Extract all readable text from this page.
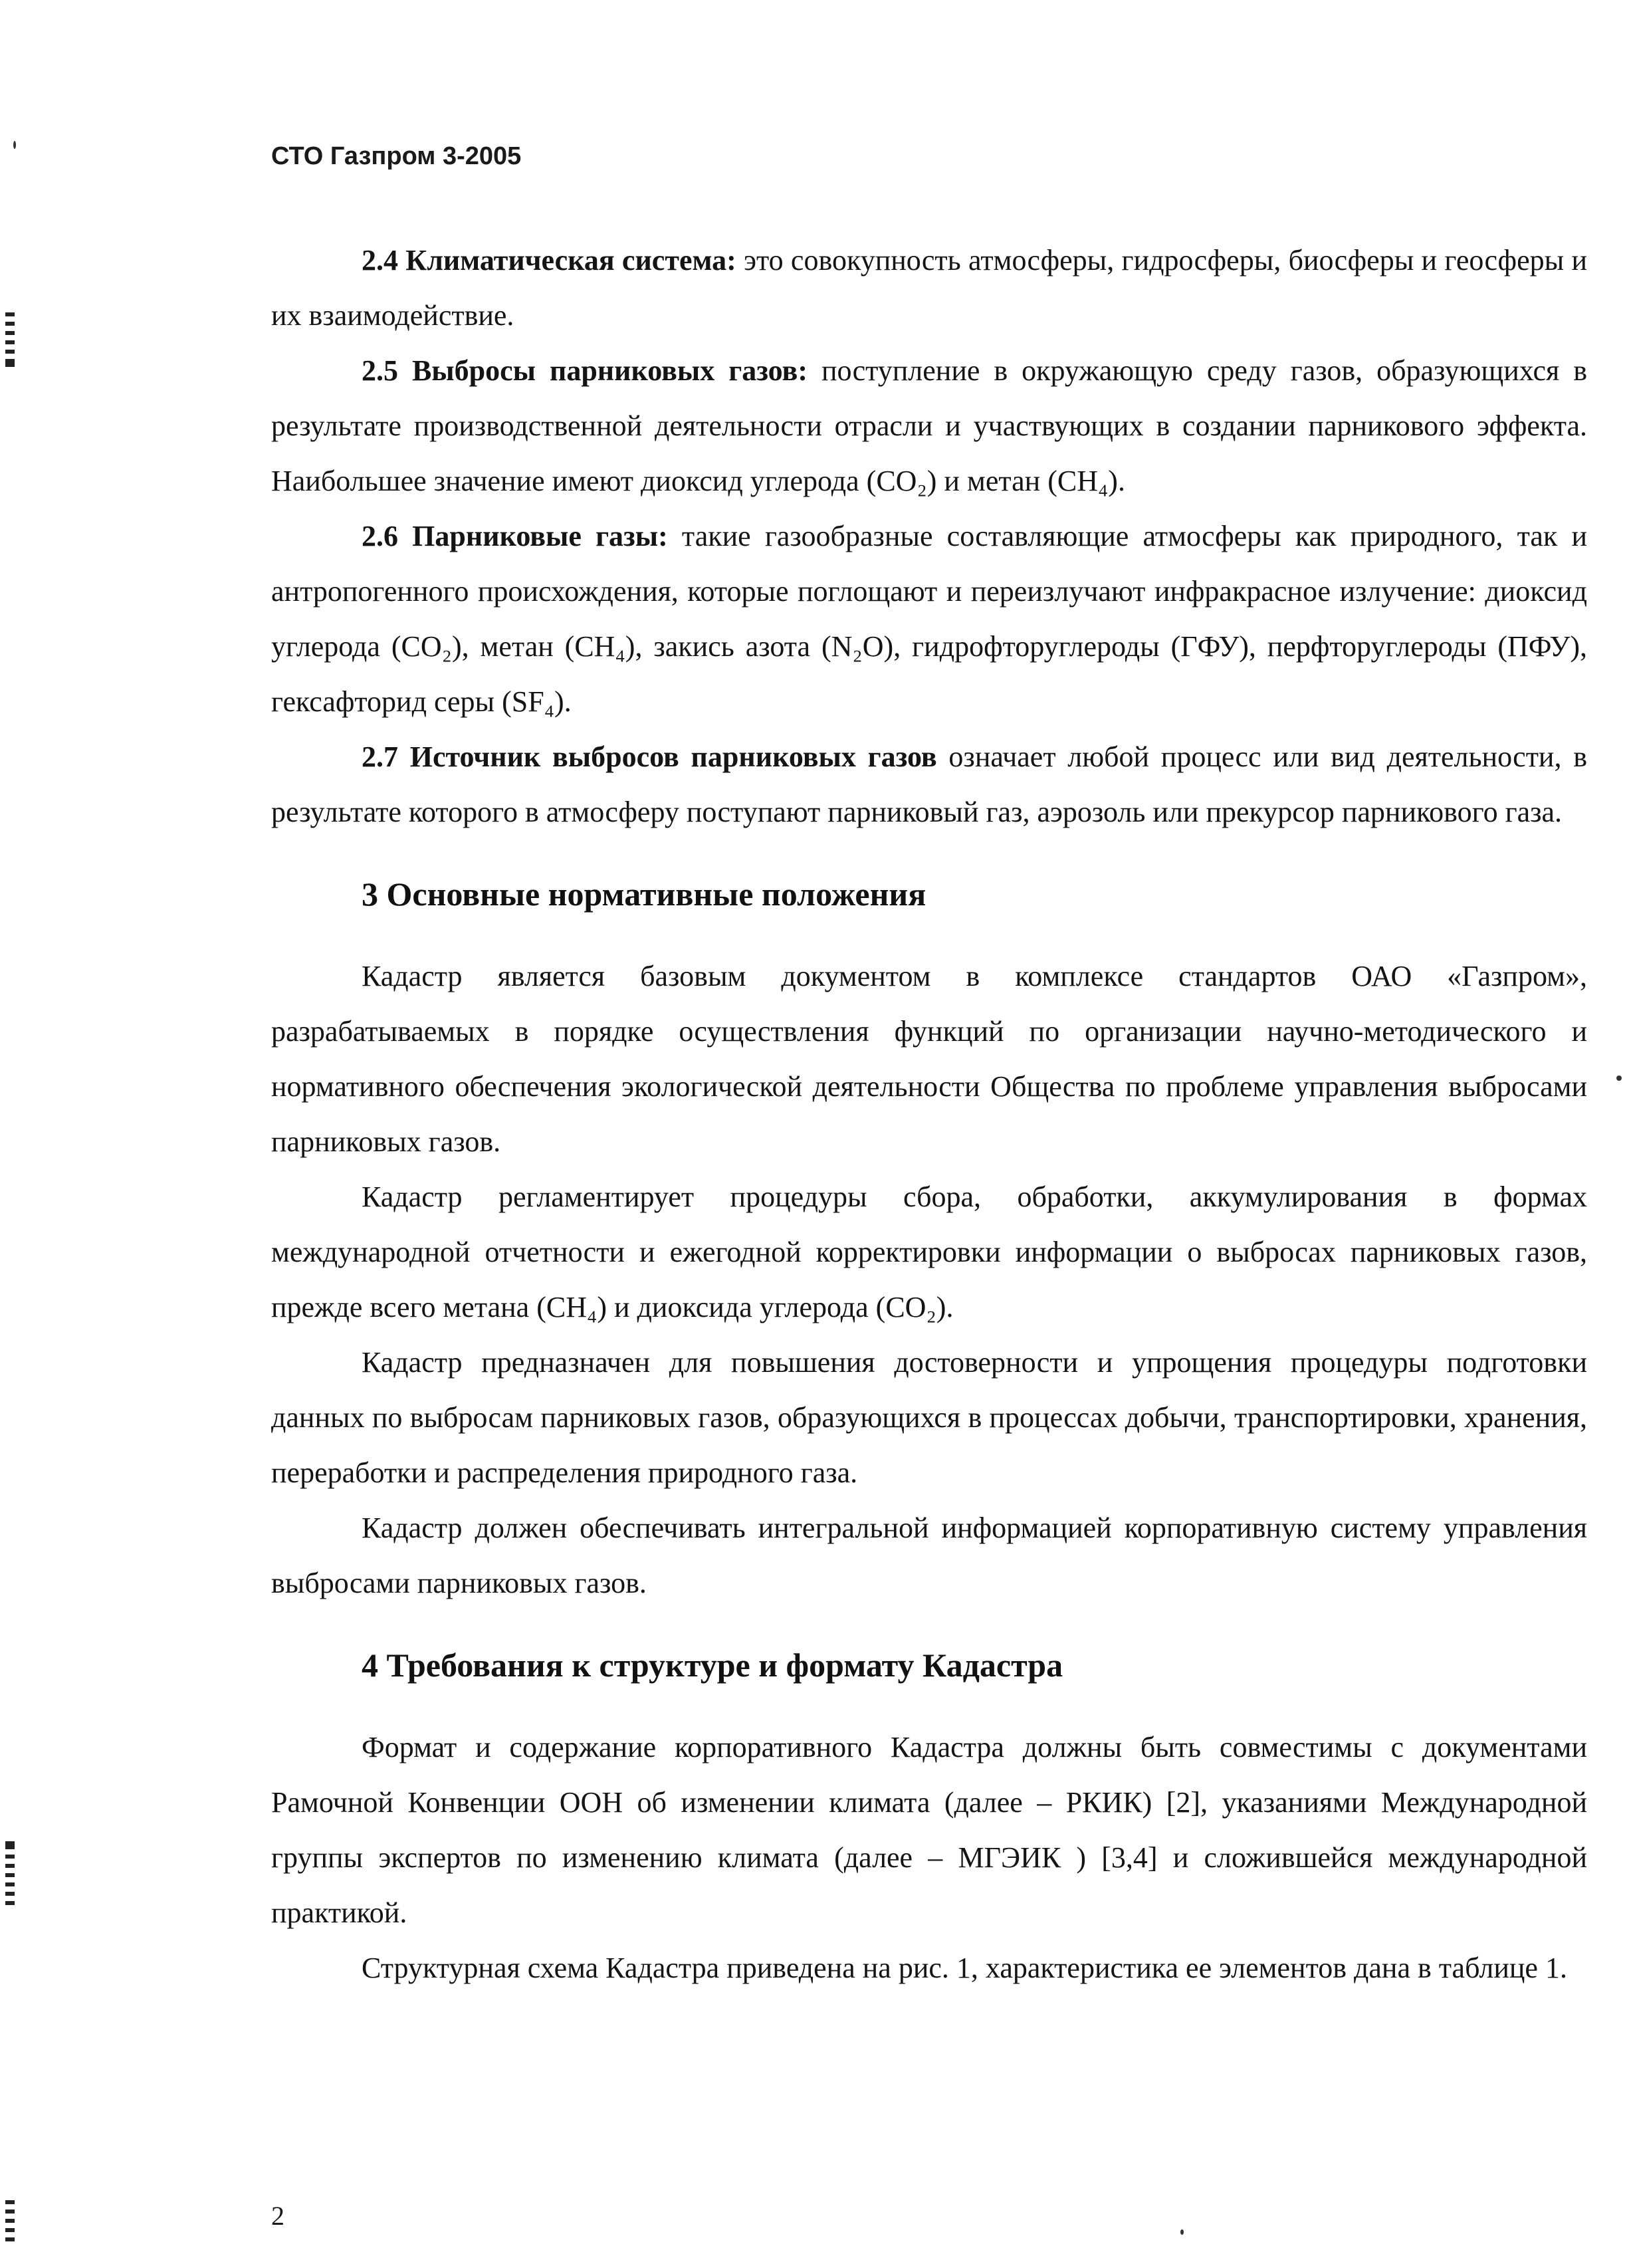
СТО Газпром 3-2005

2.4 Климатическая система: это совокупность атмосферы, гидросферы, биосферы и геосферы и их взаимодействие.

2.5 Выбросы парниковых газов: поступление в окружающую среду газов, образующихся в результате производственной деятельности отрасли и участвующих в создании парникового эффекта. Наибольшее значение имеют диоксид углерода (CO₂) и метан (CH₄).

2.6 Парниковые газы: такие газообразные составляющие атмосферы как природного, так и антропогенного происхождения, которые поглощают и переизлучают инфракрасное излучение: диоксид углерода (CO₂), метан (CH₄), закись азота (N₂O), гидрофторуглероды (ГФУ), перфторуглероды (ПФУ), гексафторид серы (SF₄).

2.7 Источник выбросов парниковых газов означает любой процесс или вид деятельности, в результате которого в атмосферу поступают парниковый газ, аэрозоль или прекурсор парникового газа.

3 Основные нормативные положения

Кадастр является базовым документом в комплексе стандартов ОАО «Газпром», разрабатываемых в порядке осуществления функций по организации научно-методического и нормативного обеспечения экологической деятельности Общества по проблеме управления выбросами парниковых газов.

Кадастр регламентирует процедуры сбора, обработки, аккумулирования в формах международной отчетности и ежегодной корректировки информации о выбросах парниковых газов, прежде всего метана (CH₄) и диоксида углерода (CO₂).

Кадастр предназначен для повышения достоверности и упрощения процедуры подготовки данных по выбросам парниковых газов, образующихся в процессах добычи, транспортировки, хранения, переработки и распределения природного газа.

Кадастр должен обеспечивать интегральной информацией корпоративную систему управления выбросами парниковых газов.

4 Требования к структуре и формату Кадастра

Формат и содержание корпоративного Кадастра должны быть совместимы с документами Рамочной Конвенции ООН об изменении климата (далее – РКИК) [2], указаниями Международной группы экспертов по изменению климата (далее – МГЭИК ) [3,4] и сложившейся международной практикой.

Структурная схема Кадастра приведена на рис. 1, характеристика ее элементов дана в таблице 1.

2
